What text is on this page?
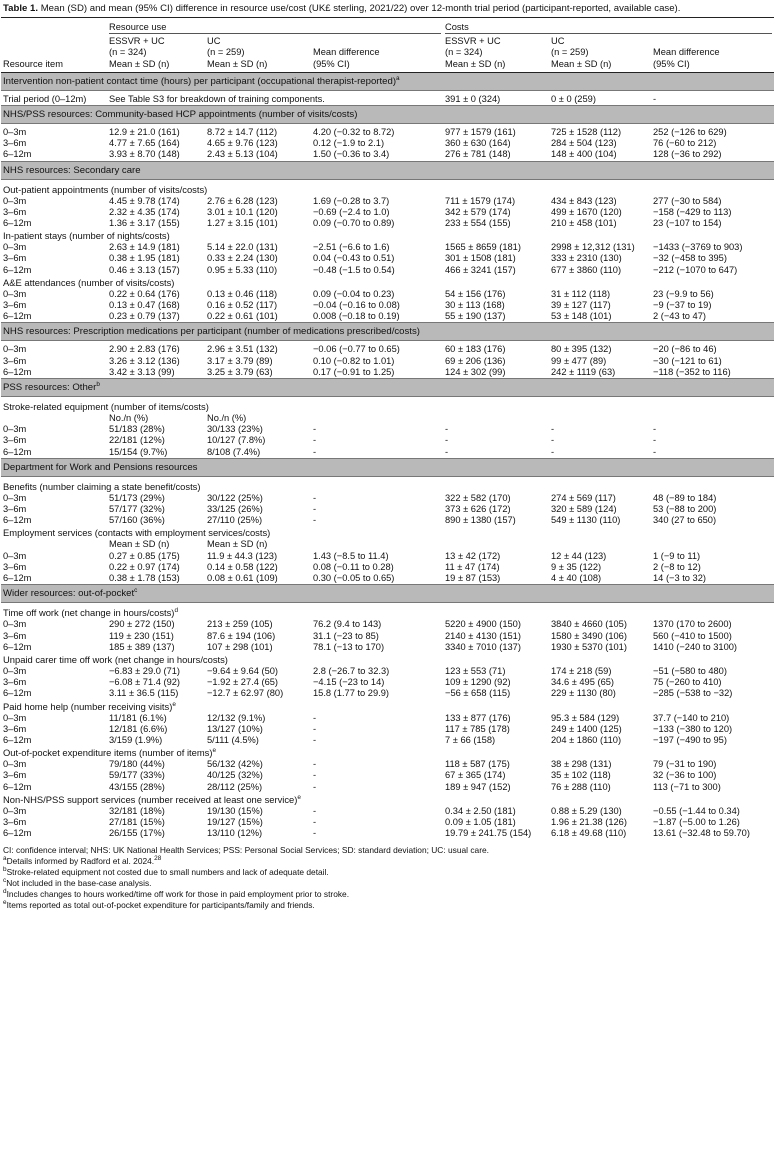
Table 1. Mean (SD) and mean (95% CI) difference in resource use/cost (UK£ sterling, 2021/22) over 12-month trial period (participant-reported, available case).

	Resource use			Costs		

	ESSVR + UC	UC		ESSVR + UC	UC	
	(n = 324)	(n = 259)	Mean difference	(n = 324)	(n = 259)	Mean difference
Resource item	Mean ± SD (n)	Mean ± SD (n)	(95% CI)	Mean ± SD (n)	Mean ± SD (n)	(95% CI)
Intervention non-patient contact time (hours) per participant (occupational therapist-reported)$^a$

Trial period (0–12m)	See Table S3 for breakdown of training components.			391 ± 0 (324)	0 ± 0 (259)	-
NHS/PSS resources: Community-based HCP appointments (number of visits/costs)						

0–3m	12.9 ± 21.0 (161)	8.72 ± 14.7 (112)	4.20 (−0.32 to 8.72)	977 ± 1579 (161)	725 ± 1528 (112)	252 (−126 to 629)
3–6m	4.77 ± 7.65 (164)	4.65 ± 9.76 (123)	0.12 (−1.9 to 2.1)	360 ± 630 (164)	284 ± 504 (123)	76 (−60 to 212)
6–12m	3.93 ± 8.70 (148)	2.43 ± 5.13 (104)	1.50 (−0.36 to 3.4)	276 ± 781 (148)	148 ± 400 (104)	128 (−36 to 292)
NHS resources: Secondary care						

Out-patient appointments (number of visits/costs)						
0–3m	4.45 ± 9.78 (174)	2.76 ± 6.28 (123)	1.69 (−0.28 to 3.7)	711 ± 1579 (174)	434 ± 843 (123)	277 (−30 to 584)
3–6m	2.32 ± 4.35 (174)	3.01 ± 10.1 (120)	−0.69 (−2.4 to 1.0)	342 ± 579 (174)	499 ± 1670 (120)	−158 (−429 to 113)
6–12m	1.36 ± 3.17 (155)	1.27 ± 3.15 (101)	0.09 (−0.70 to 0.89)	233 ± 554 (155)	210 ± 458 (101)	23 (−107 to 154)
In-patient stays (number of nights/costs)						
0–3m	2.63 ± 14.9 (181)	5.14 ± 22.0 (131)	−2.51 (−6.6 to 1.6)	1565 ± 8659 (181)	2998 ± 12,312 (131)	−1433 (−3769 to 903)
3–6m	0.38 ± 1.95 (181)	0.33 ± 2.24 (130)	0.04 (−0.43 to 0.51)	301 ± 1508 (181)	333 ± 2310 (130)	−32 (−458 to 395)
6–12m	0.46 ± 3.13 (157)	0.95 ± 5.33 (110)	−0.48 (−1.5 to 0.54)	466 ± 3241 (157)	677 ± 3860 (110)	−212 (−1070 to 647)
A&E attendances (number of visits/costs)						
0–3m	0.22 ± 0.64 (176)	0.13 ± 0.46 (118)	0.09 (−0.04 to 0.23)	54 ± 156 (176)	31 ± 112 (118)	23 (−9.9 to 56)
3–6m	0.13 ± 0.47 (168)	0.16 ± 0.52 (117)	−0.04 (−0.16 to 0.08)	30 ± 113 (168)	39 ± 127 (117)	−9 (−37 to 19)
6–12m	0.23 ± 0.79 (137)	0.22 ± 0.61 (101)	0.008 (−0.18 to 0.19)	55 ± 190 (137)	53 ± 148 (101)	2 (−43 to 47)
NHS resources: Prescription medications per participant (number of medications prescribed/costs)						

0–3m	2.90 ± 2.83 (176)	2.96 ± 3.51 (132)	−0.06 (−0.77 to 0.65)	60 ± 183 (176)	80 ± 395 (132)	−20 (−86 to 46)
3–6m	3.26 ± 3.12 (136)	3.17 ± 3.79 (89)	0.10 (−0.82 to 1.01)	69 ± 206 (136)	99 ± 477 (89)	−30 (−121 to 61)
6–12m	3.42 ± 3.13 (99)	3.25 ± 3.79 (63)	0.17 (−0.91 to 1.25)	124 ± 302 (99)	242 ± 1119 (63)	−118 (−352 to 116)
PSS resources: Other$^b$

Stroke-related equipment (number of items/costs)						
	No./n (%)	No./n (%)				
0–3m	51/183 (28%)	30/133 (23%)	-	-	-	-
3–6m	22/181 (12%)	10/127 (7.8%)	-	-	-	-
6–12m	15/154 (9.7%)	8/108 (7.4%)	-	-	-	-
Department for Work and Pensions resources						

Benefits (number claiming a state benefit/costs)						
0–3m	51/173 (29%)	30/122 (25%)	-	322 ± 582 (170)	274 ± 569 (117)	48 (−89 to 184)
3–6m	57/177 (32%)	33/125 (26%)	-	373 ± 626 (172)	320 ± 589 (124)	53 (−88 to 200)
6–12m	57/160 (36%)	27/110 (25%)	-	890 ± 1380 (157)	549 ± 1130 (110)	340 (27 to 650)
Employment services (contacts with employment services/costs)						
	Mean ± SD (n)	Mean ± SD (n)				
0–3m	0.27 ± 0.85 (175)	11.9 ± 44.3 (123)	1.43 (−8.5 to 11.4)	13 ± 42 (172)	12 ± 44 (123)	1 (−9 to 11)
3–6m	0.22 ± 0.97 (174)	0.14 ± 0.58 (122)	0.08 (−0.11 to 0.28)	11 ± 47 (174)	9 ± 35 (122)	2 (−8 to 12)
6–12m	0.38 ± 1.78 (153)	0.08 ± 0.61 (109)	0.30 (−0.05 to 0.65)	19 ± 87 (153)	4 ± 40 (108)	14 (−3 to 32)
Wider resources: out-of-pocket$^c$

Time off work (net change in hours/costs)$^d$
0–3m	290 ± 272 (150)	213 ± 259 (105)	76.2 (9.4 to 143)	5220 ± 4900 (150)	3840 ± 4660 (105)	1370 (170 to 2600)
3–6m	119 ± 230 (151)	87.6 ± 194 (106)	31.1 (−23 to 85)	2140 ± 4130 (151)	1580 ± 3490 (106)	560 (−410 to 1500)
6–12m	185 ± 389 (137)	107 ± 298 (101)	78.1 (−13 to 170)	3340 ± 7010 (137)	1930 ± 5370 (101)	1410 (−240 to 3100)
Unpaid carer time off work (net change in hours/costs)						
0–3m	−6.83 ± 29.0 (71)	−9.64 ± 9.64 (50)	2.8 (−26.7 to 32.3)	123 ± 553 (71)	174 ± 218 (59)	−51 (−580 to 480)
3–6m	−6.08 ± 71.4 (92)	−1.92 ± 27.4 (65)	−4.15 (−23 to 14)	109 ± 1290 (92)	34.6 ± 495 (65)	75 (−260 to 410)
6–12m	3.11 ± 36.5 (115)	−12.7 ± 62.97 (80)	15.8 (1.77 to 29.9)	−56 ± 658 (115)	229 ± 1130 (80)	−285 (−538 to −32)
Paid home help (number receiving visits)$^e$
0–3m	11/181 (6.1%)	12/132 (9.1%)	-	133 ± 877 (176)	95.3 ± 584 (129)	37.7 (−140 to 210)
3–6m	12/181 (6.6%)	13/127 (10%)	-	117 ± 785 (178)	249 ± 1400 (125)	−133 (−380 to 120)
6–12m	3/159 (1.9%)	5/111 (4.5%)	-	7 ± 66 (158)	204 ± 1860 (110)	−197 (−490 to 95)
Out-of-pocket expenditure items (number of items)$^e$
0–3m	79/180 (44%)	56/132 (42%)	-	118 ± 587 (175)	38 ± 298 (131)	79 (−31 to 190)
3–6m	59/177 (33%)	40/125 (32%)	-	67 ± 365 (174)	35 ± 102 (118)	32 (−36 to 100)
6–12m	43/155 (28%)	28/112 (25%)	-	189 ± 947 (152)	76 ± 288 (110)	113 (−71 to 300)
Non-NHS/PSS support services (number received at least one service)$^e$
0–3m	32/181 (18%)	19/130 (15%)	-	0.34 ± 2.50 (181)	0.88 ± 5.29 (130)	−0.55 (−1.44 to 0.34)
3–6m	27/181 (15%)	19/127 (15%)	-	0.09 ± 1.05 (181)	1.96 ± 21.38 (126)	−1.87 (−5.00 to 1.26)
6–12m	26/155 (17%)	13/110 (12%)	-	19.79 ± 241.75 (154)	6.18 ± 49.68 (110)	13.61 (−32.48 to 59.70)
CI: confidence interval; NHS: UK National Health Services; PSS: Personal Social Services; SD: standard deviation; UC: usual care.
$^a$Details informed by Radford et al. 2024.28
$^b$Stroke-related equipment not costed due to small numbers and lack of adequate detail.
$^c$Not included in the base-case analysis.
$^d$Includes changes to hours worked/time off work for those in paid employment prior to stroke.
$^e$Items reported as total out-of-pocket expenditure for participants/family and friends.
